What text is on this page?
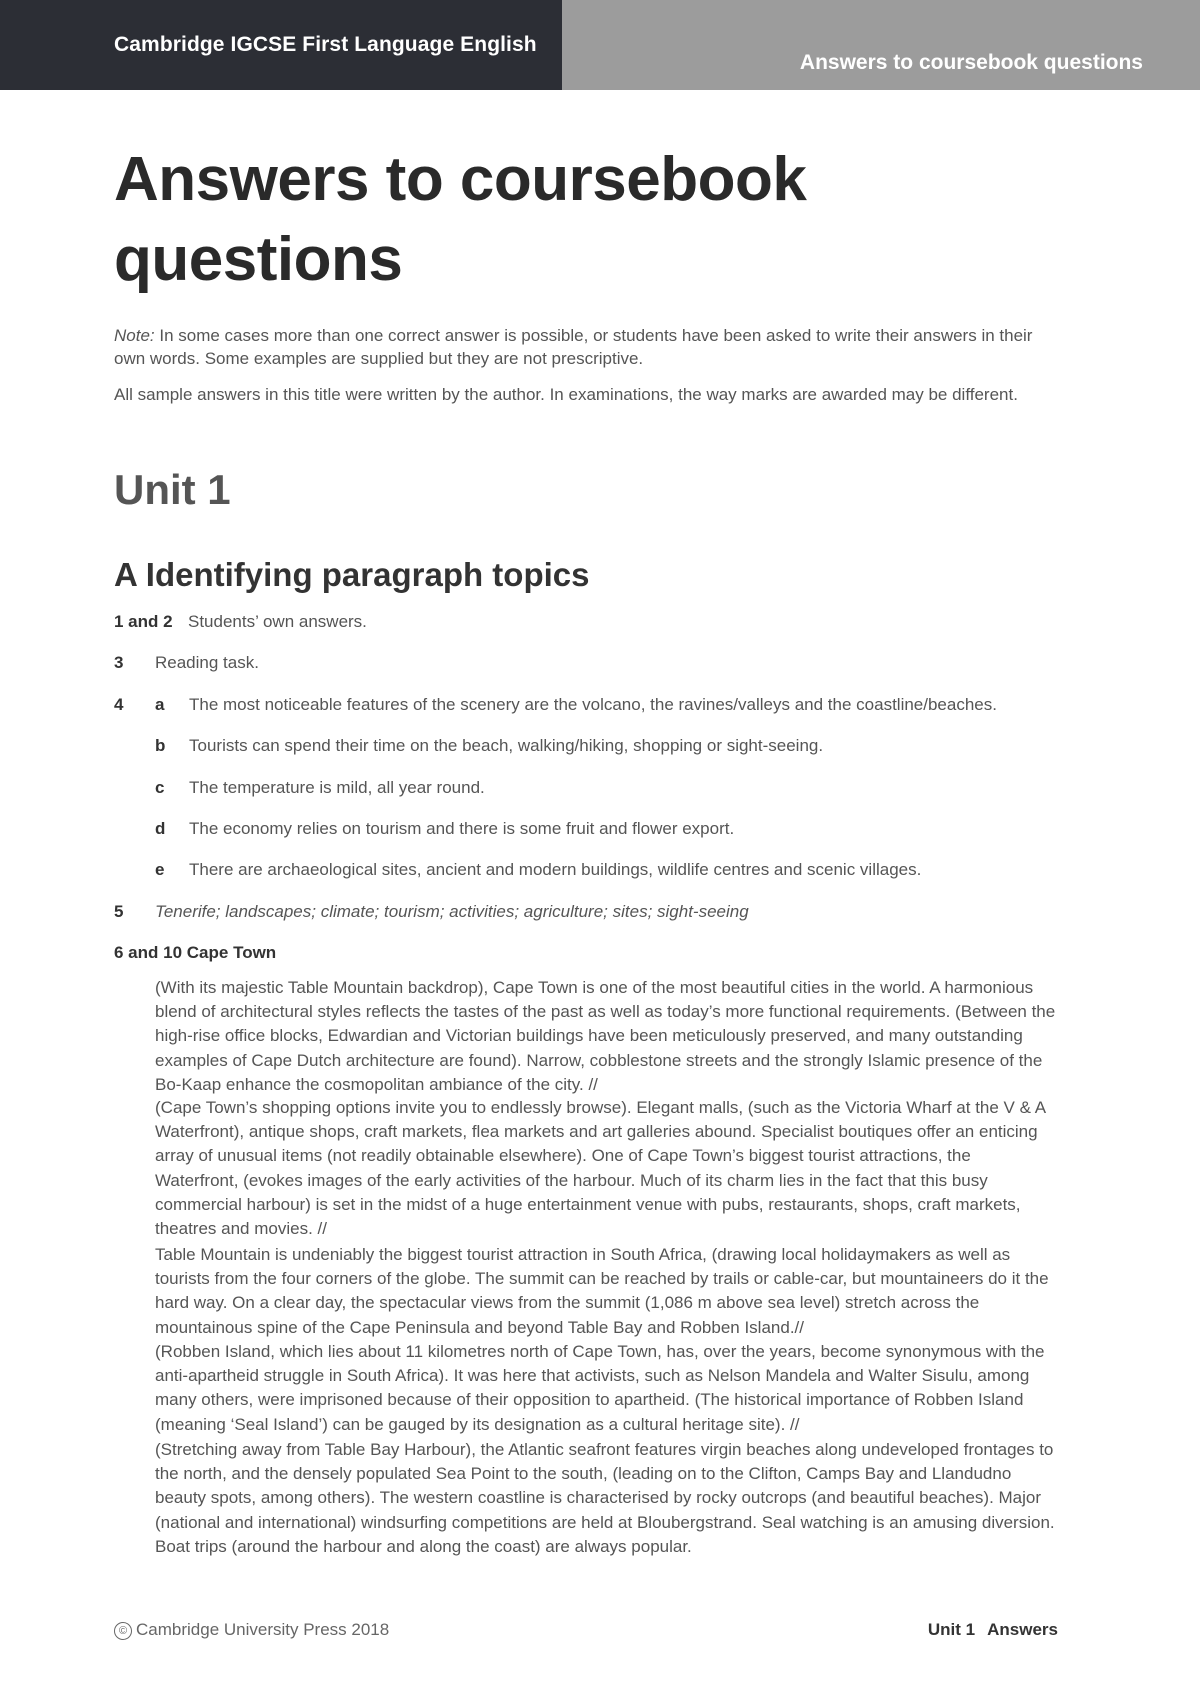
Cambridge IGCSE First Language English
Answers to coursebook questions
Answers to coursebook questions

Note: In some cases more than one correct answer is possible, or students have been asked to write their answers in their own words. Some examples are supplied but they are not prescriptive.

All sample answers in this title were written by the author. In examinations, the way marks are awarded may be different.

Unit 1
A Identifying paragraph topics
1 and 2 Students’ own answers.
3 Reading task.
4 a The most noticeable features of the scenery are the volcano, the ravines/valleys and the coastline/beaches.
b Tourists can spend their time on the beach, walking/hiking, shopping or sight-seeing.
c The temperature is mild, all year round.
d The economy relies on tourism and there is some fruit and flower export.
e There are archaeological sites, ancient and modern buildings, wildlife centres and scenic villages.
5 Tenerife; landscapes; climate; tourism; activities; agriculture; sites; sight-seeing
6 and 10 Cape Town
(With its majestic Table Mountain backdrop), Cape Town is one of the most beautiful cities in the world. A harmonious blend of architectural styles reflects the tastes of the past as well as today’s more functional requirements. (Between the high-rise office blocks, Edwardian and Victorian buildings have been meticulously preserved, and many outstanding examples of Cape Dutch architecture are found). Narrow, cobblestone streets and the strongly Islamic presence of the Bo-Kaap enhance the cosmopolitan ambiance of the city. //
(Cape Town’s shopping options invite you to endlessly browse). Elegant malls, (such as the Victoria Wharf at the V & A Waterfront), antique shops, craft markets, flea markets and art galleries abound. Specialist boutiques offer an enticing array of unusual items (not readily obtainable elsewhere). One of Cape Town’s biggest tourist attractions, the Waterfront, (evokes images of the early activities of the harbour. Much of its charm lies in the fact that this busy commercial harbour) is set in the midst of a huge entertainment venue with pubs, restaurants, shops, craft markets, theatres and movies. //
Table Mountain is undeniably the biggest tourist attraction in South Africa, (drawing local holidaymakers as well as tourists from the four corners of the globe. The summit can be reached by trails or cable-car, but mountaineers do it the hard way. On a clear day, the spectacular views from the summit (1,086 m above sea level) stretch across the mountainous spine of the Cape Peninsula and beyond Table Bay and Robben Island.//
(Robben Island, which lies about 11 kilometres north of Cape Town, has, over the years, become synonymous with the anti-apartheid struggle in South Africa). It was here that activists, such as Nelson Mandela and Walter Sisulu, among many others, were imprisoned because of their opposition to apartheid. (The historical importance of Robben Island (meaning ‘Seal Island’) can be gauged by its designation as a cultural heritage site). //
(Stretching away from Table Bay Harbour), the Atlantic seafront features virgin beaches along undeveloped frontages to the north, and the densely populated Sea Point to the south, (leading on to the Clifton, Camps Bay and Llandudno beauty spots, among others). The western coastline is characterised by rocky outcrops (and beautiful beaches). Major (national and international) windsurfing competitions are held at Bloubergstrand. Seal watching is an amusing diversion. Boat trips (around the harbour and along the coast) are always popular.
© Cambridge University Press 2018	Unit 1 Answers
